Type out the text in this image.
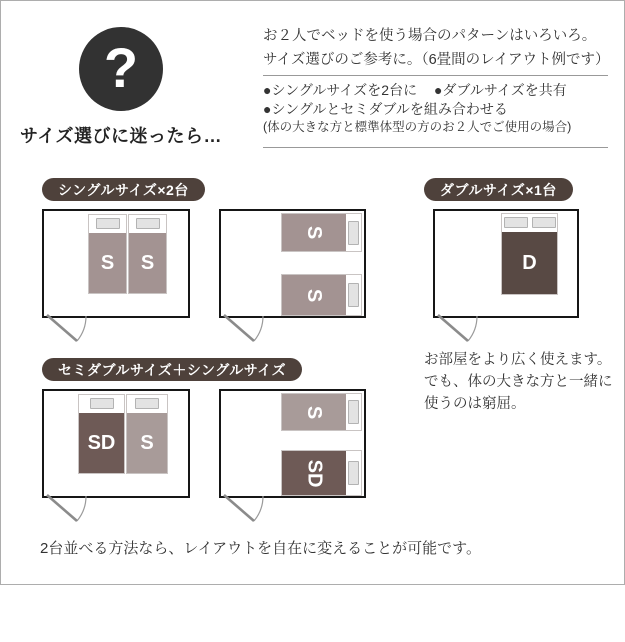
?
サイズ選びに迷ったら…
お２人でベッドを使う場合のパターンはいろいろ。
サイズ選びのご参考に。（6畳間のレイアウト例です）
●シングルサイズを2台に ●ダブルサイズを共有
●シングルとセミダブルを組み合わせる
(体の大きな方と標準体型の方のお２人でご使用の場合)
シングルサイズ×2台	ダブルサイズ×1台
セミダブルサイズ＋シングルサイズ
S S
S
S
D
SD S
S
SD
お部屋をより広く使えます。
でも、体の大きな方と一緒に
使うのは窮屈。
2台並べる方法なら、レイアウトを自在に変えることが可能です。
